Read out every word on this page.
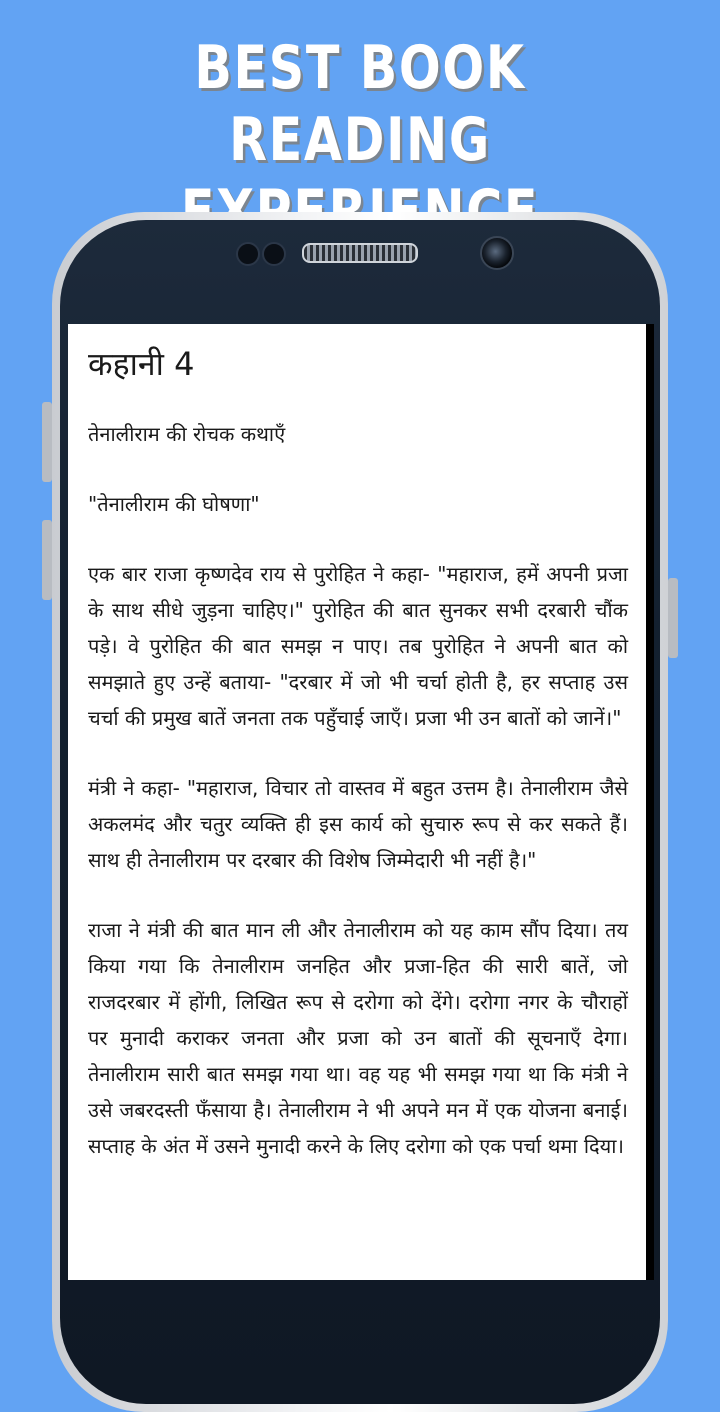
BEST BOOK READING
कहानी 4

तेनालीराम की रोचक कथाएँ

"तेनालीराम की घोषणा"

एक बार राजा कृष्णदेव राय से पुरोहित ने कहा- "महाराज, हमें अपनी प्रजा के साथ सीधे जुड़ना चाहिए।" पुरोहित की बात सुनकर सभी दरबारी चौंक पड़े। वे पुरोहित की बात समझ न पाए। तब पुरोहित ने अपनी बात को समझाते हुए उन्हें बताया- "दरबार में जो भी चर्चा होती है, हर सप्ताह उस चर्चा की प्रमुख बातें जनता तक पहुँचाई जाएँ। प्रजा भी उन बातों को जानें।"

मंत्री ने कहा- "महाराज, विचार तो वास्तव में बहुत उत्तम है। तेनालीराम जैसे अकलमंद और चतुर व्यक्ति ही इस कार्य को सुचारु रूप से कर सकते हैं। साथ ही तेनालीराम पर दरबार की विशेष जिम्मेदारी भी नहीं है।"

राजा ने मंत्री की बात मान ली और तेनालीराम को यह काम सौंप दिया। तय किया गया कि तेनालीराम जनहित और प्रजा-हित की सारी बातें, जो राजदरबार में होंगी, लिखित रूप से दरोगा को देंगे। दरोगा नगर के चौराहों पर मुनादी कराकर जनता और प्रजा को उन बातों की सूचनाएँ देगा। तेनालीराम सारी बात समझ गया था। वह यह भी समझ गया था कि मंत्री ने उसे जबरदस्ती फँसाया है। तेनालीराम ने भी अपने मन में एक योजना बनाई। सप्ताह के अंत में उसने मुनादी करने के लिए दरोगा को एक पर्चा थमा दिया।
